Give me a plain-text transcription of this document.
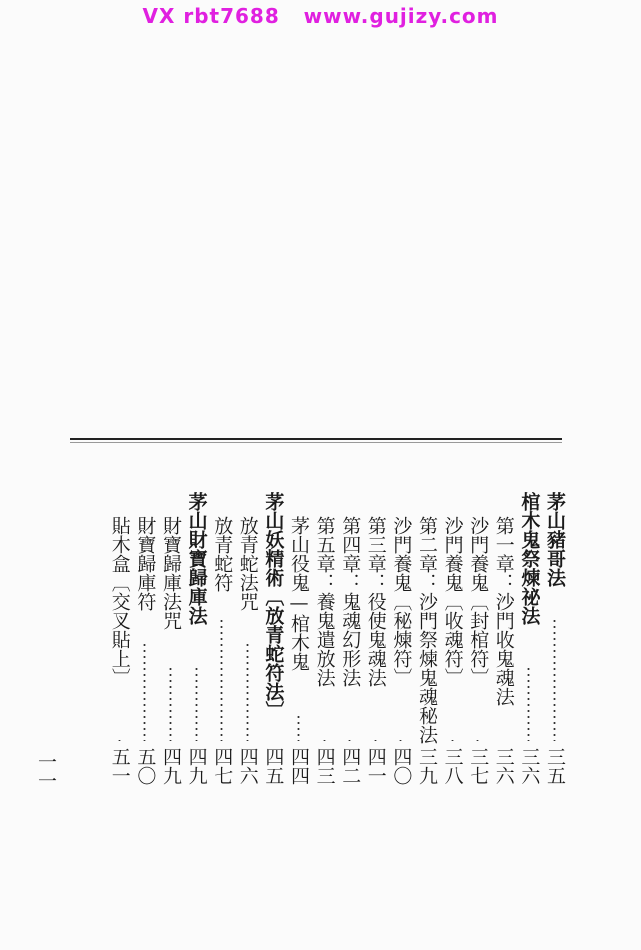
VX rbt7688   www.gujizy.com
茅山豬哥法
三五
棺木鬼祭煉祕法
三六
第一章：沙門收鬼魂法
三六
沙門養鬼〔封棺符〕
三七
沙門養鬼〔收魂符〕
三八
第二章：沙門祭煉鬼魂秘法
三九
沙門養鬼〔秘煉符〕
四〇
第三章：役使鬼魂法
四一
第四章：鬼魂幻形法
四二
第五章：養鬼遣放法
四三
茅山役鬼—棺木鬼
四四
茅山妖精術〔放青蛇符法〕
四五
放青蛇法咒
四六
放青蛇符
四七
茅山財寶歸庫法
四九
財寶歸庫法咒
四九
財寶歸庫符
五〇
貼木盒〔交叉貼上〕
五一
一一
